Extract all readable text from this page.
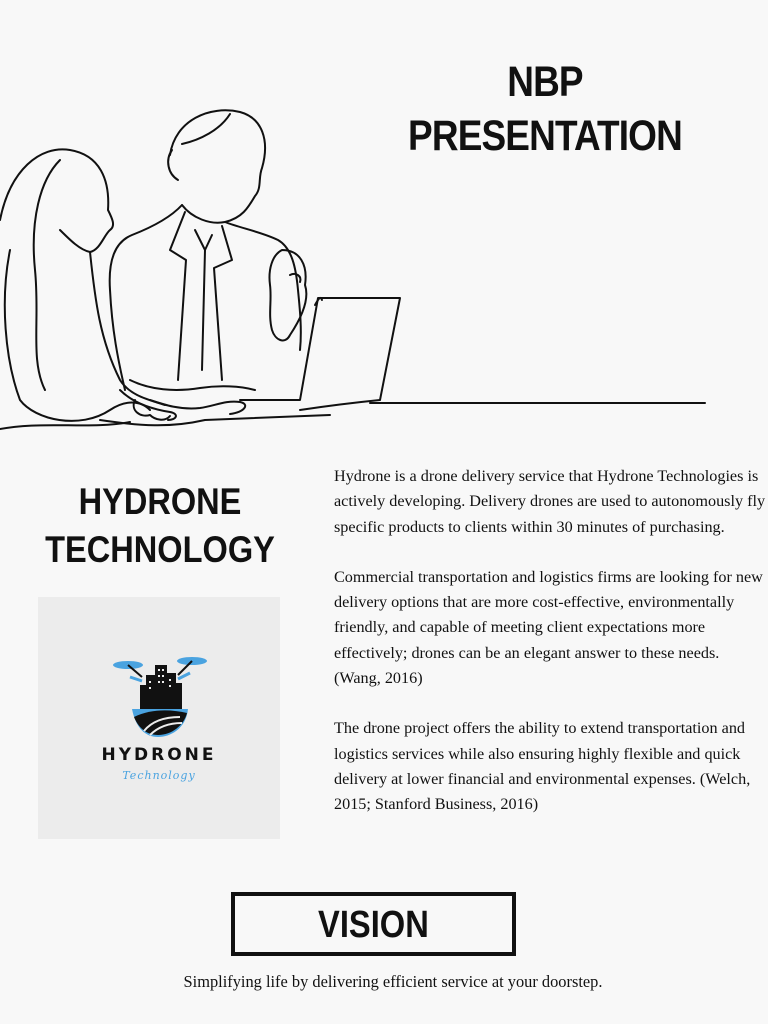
NBP
PRESENTATION
HYDRONE
TECHNOLOGY
HYDRONE
Technology

Hydrone is a drone delivery service that Hydrone Technologies is actively developing. Delivery drones are used to autonomously fly specific products to clients within 30 minutes of purchasing.

Commercial transportation and logistics firms are looking for new delivery options that are more cost-effective, environmentally friendly, and capable of meeting client expectations more effectively; drones can be an elegant answer to these needs. (Wang, 2016)

The drone project offers the ability to extend transportation and logistics services while also ensuring highly flexible and quick delivery at lower financial and environmental expenses. (Welch, 2015; Stanford Business, 2016)

VISION
Simplifying life by delivering efficient service at your doorstep.
